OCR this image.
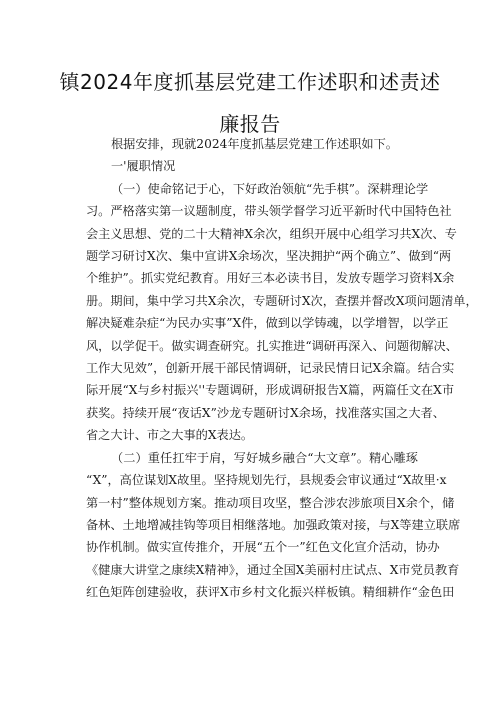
镇2024年度抓基层党建工作述职和述责述
廉报告
根据安排，现就2024年度抓基层党建工作述职如下。
一'履职情况
（一）使命铭记于心，下好政治领航“先手棋”。深耕理论学
习。严格落实第一议题制度，带头领学督学习近平新时代中国特色社
会主义思想、党的二十大精神X余次，组织开展中心组学习共X次、专
题学习研讨X次、集中宣讲X余场次，坚决拥护“两个确立”、做到“两
个维护”。抓实党纪教育。用好三本必读书目，发放专题学习资料X余
册。期间，集中学习共X余次，专题研讨X次，查摆并督改X项问题清单，
解决疑难杂症“为民办实事”X件，做到以学铸魂，以学增智，以学正
风，以学促干。做实调查研究。扎实推进“调研再深入、问题彻解决、
工作大见效”，创新开展干部民情调研，记录民情日记X余篇。结合实
际开展“X与乡村振兴''专题调研，形成调研报告X篇，两篇任文在X市
获奖。持续开展“夜话X”沙龙专题研讨X余场，找准落实国之大者、
省之大计、市之大事的X表达。
（二）重任扛牢于肩，写好城乡融合“大文章”。精心雕琢
“X”，高位谋划X故里。坚持规划先行，县规委会审议通过“X故里·x
第一村”整体规划方案。推动项目攻坚，整合涉农涉旅项目X余个，储
备林、土地增减挂钩等项目相继落地。加强政策对接，与X等建立联席
协作机制。做实宣传推介，开展“五个一”红色文化宣介活动，协办
《健康大讲堂之康续X精神》，通过全国X美丽村庄试点、X市党员教育
红色矩阵创建验收，获评X市乡村文化振兴样板镇。精细耕作“金色田
